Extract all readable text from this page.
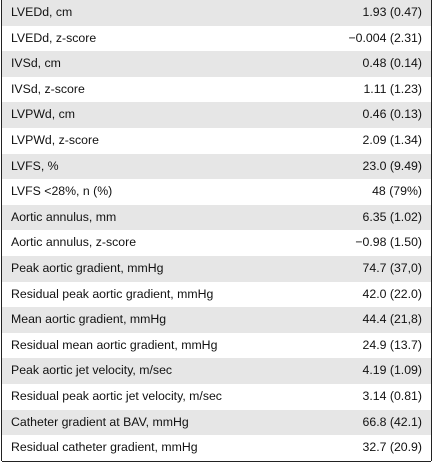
LVEDd, cm	1.93 (0.47)
LVEDd, z-score	−0.004 (2.31)
IVSd, cm	0.48 (0.14)
IVSd, z-score	1.11 (1.23)
LVPWd, cm	0.46 (0.13)
LVPWd, z-score	2.09 (1.34)
LVFS, %	23.0 (9.49)
LVFS <28%, n (%)	48 (79%)
Aortic annulus, mm	6.35 (1.02)
Aortic annulus, z-score	−0.98 (1.50)
Peak aortic gradient, mmHg	74.7 (37,0)
Residual peak aortic gradient, mmHg	42.0 (22.0)
Mean aortic gradient, mmHg	44.4 (21,8)
Residual mean aortic gradient, mmHg	24.9 (13.7)
Peak aortic jet velocity, m/sec	4.19 (1.09)
Residual peak aortic jet velocity, m/sec	3.14 (0.81)
Catheter gradient at BAV, mmHg	66.8 (42.1)
Residual catheter gradient, mmHg	32.7 (20.9)
